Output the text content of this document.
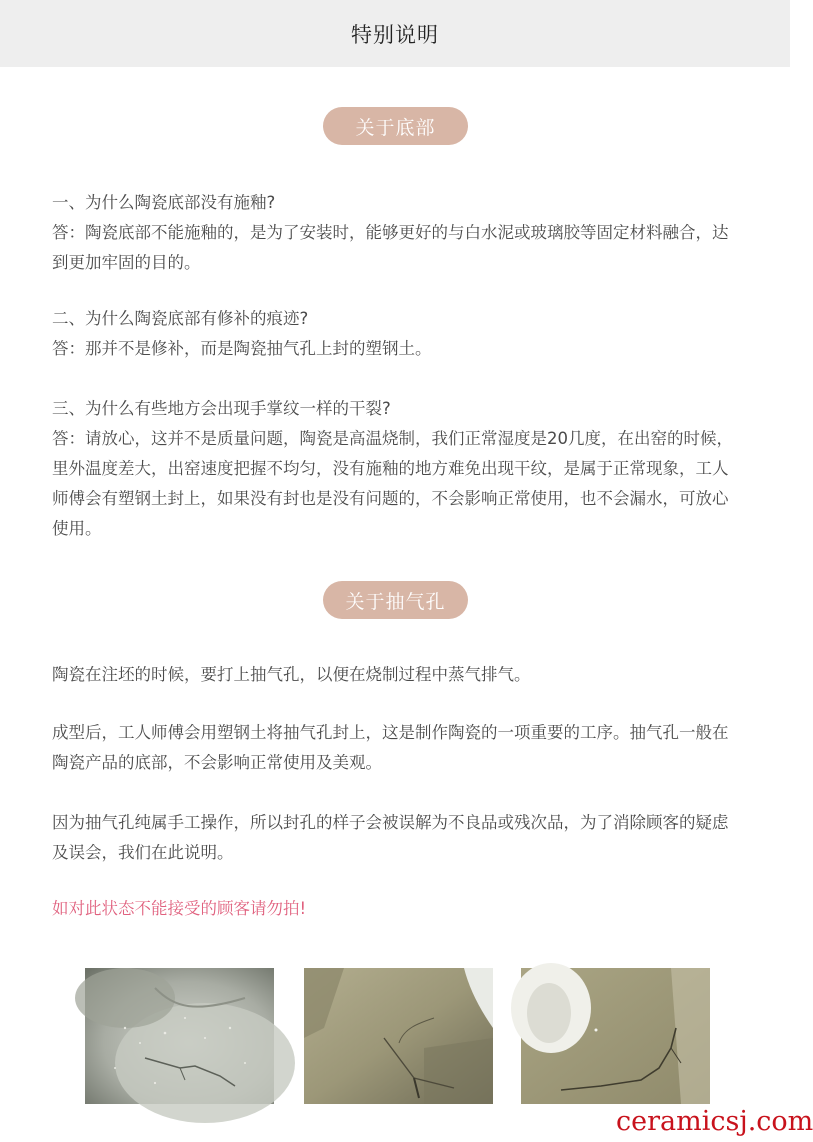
特别说明
关于底部

一、为什么陶瓷底部没有施釉?

答：陶瓷底部不能施釉的，是为了安装时，能够更好的与白水泥或玻璃胶等固定材料融合，达到更加牢固的目的。

二、为什么陶瓷底部有修补的痕迹?

答：那并不是修补，而是陶瓷抽气孔上封的塑钢土。

三、为什么有些地方会出现手掌纹一样的干裂?

答：请放心，这并不是质量问题，陶瓷是高温烧制，我们正常湿度是20几度，在出窑的时候，里外温度差大，出窑速度把握不均匀，没有施釉的地方难免出现干纹，是属于正常现象，工人师傅会有塑钢土封上，如果没有封也是没有问题的，不会影响正常使用，也不会漏水，可放心使用。

关于抽气孔

陶瓷在注坯的时候，要打上抽气孔，以便在烧制过程中蒸气排气。

成型后，工人师傅会用塑钢土将抽气孔封上，这是制作陶瓷的一项重要的工序。抽气孔一般在陶瓷产品的底部，不会影响正常使用及美观。

因为抽气孔纯属手工操作，所以封孔的样子会被误解为不良品或残次品，为了消除顾客的疑虑及误会，我们在此说明。

如对此状态不能接受的顾客请勿拍!

ceramicsj.com
